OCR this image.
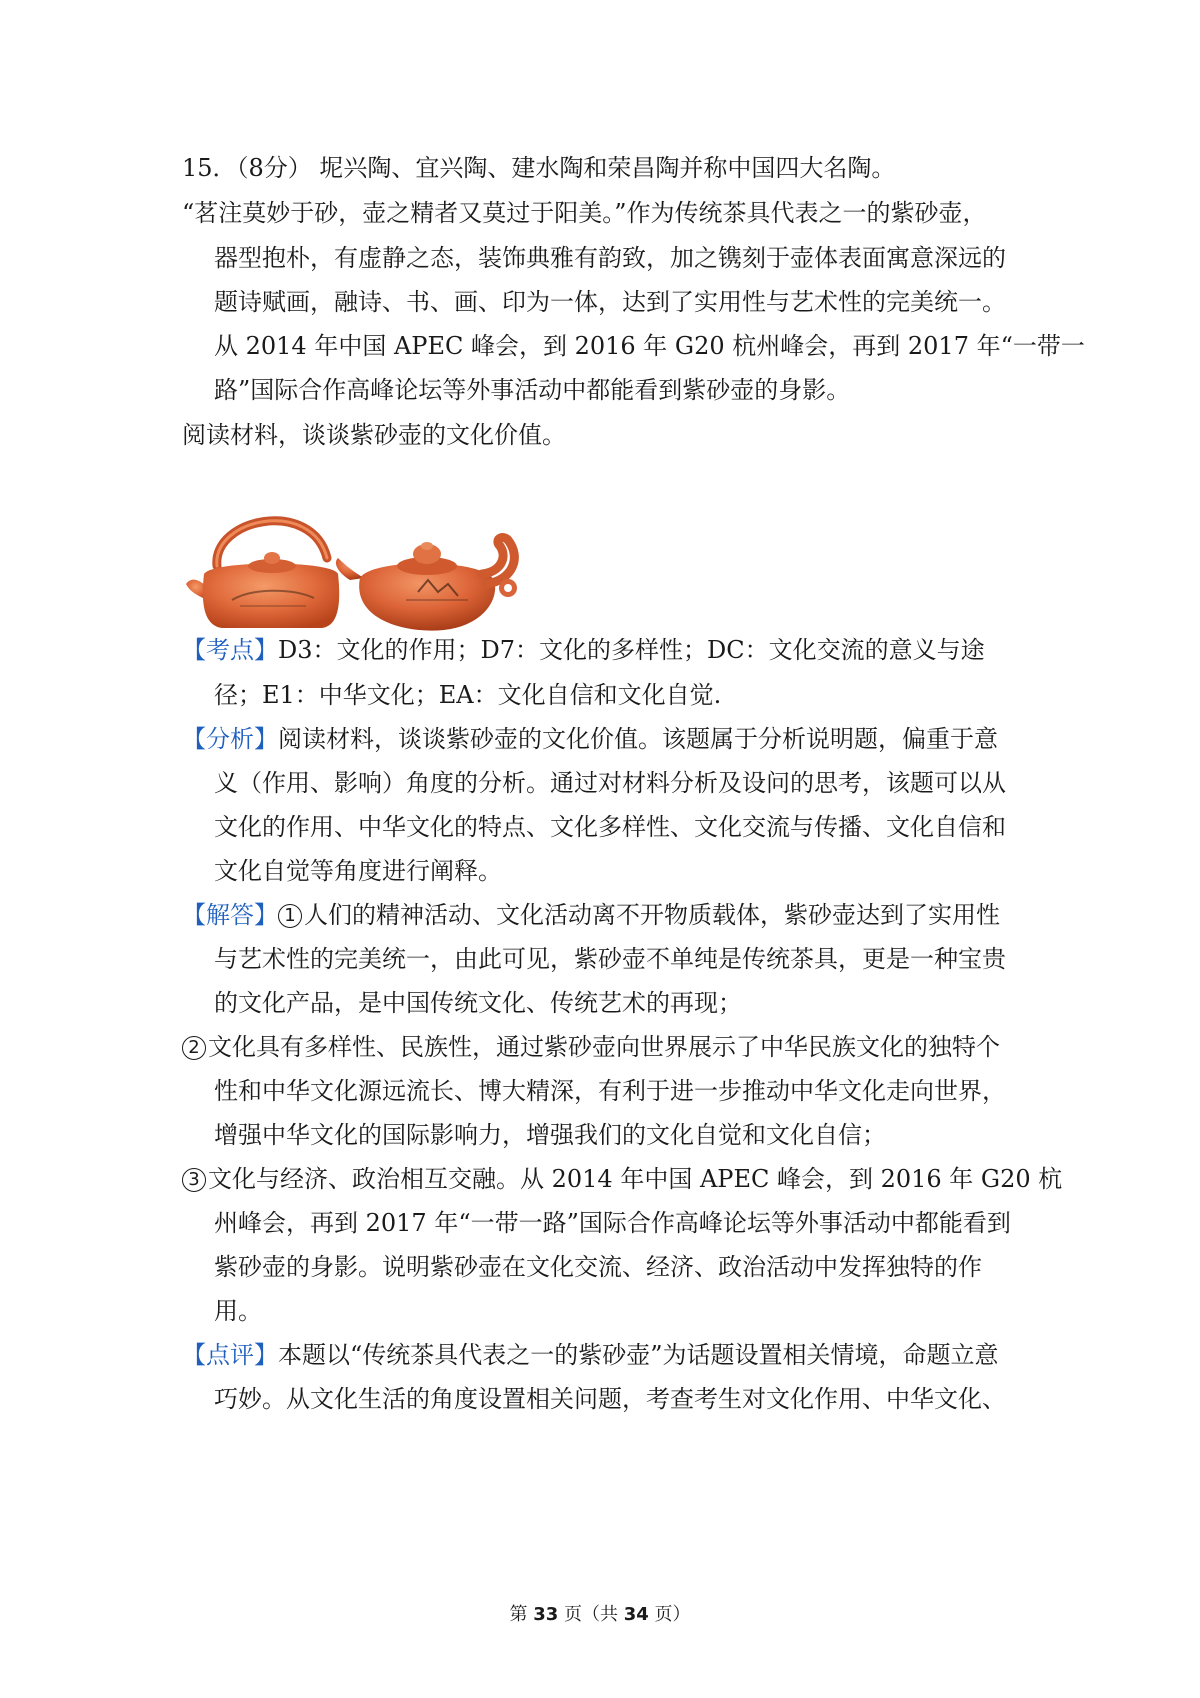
15．（8分） 坭兴陶、宜兴陶、建水陶和荣昌陶并称中国四大名陶。
“茗注莫妙于砂，壶之精者又莫过于阳美。”作为传统茶具代表之一的紫砂壶，
器型抱朴，有虚静之态，装饰典雅有韵致，加之镌刻于壶体表面寓意深远的
题诗赋画，融诗、书、画、印为一体，达到了实用性与艺术性的完美统一。
从 2014 年中国 APEC 峰会，到 2016 年 G20 杭州峰会，再到 2017 年“一带一
路”国际合作高峰论坛等外事活动中都能看到紫砂壶的身影。
阅读材料，谈谈紫砂壶的文化价值。
【考点】D3：文化的作用；D7：文化的多样性；DC：文化交流的意义与途
径；E1：中华文化；EA：文化自信和文化自觉.
【分析】阅读材料，谈谈紫砂壶的文化价值。该题属于分析说明题，偏重于意
义（作用、影响）角度的分析。通过对材料分析及设问的思考，该题可以从
文化的作用、中华文化的特点、文化多样性、文化交流与传播、文化自信和
文化自觉等角度进行阐释。
【解答】 1 人们的精神活动、文化活动离不开物质载体，紫砂壶达到了实用性
与艺术性的完美统一，由此可见，紫砂壶不单纯是传统茶具，更是一种宝贵
的文化产品，是中国传统文化、传统艺术的再现；
2 文化具有多样性、民族性，通过紫砂壶向世界展示了中华民族文化的独特个
性和中华文化源远流长、博大精深，有利于进一步推动中华文化走向世界，
增强中华文化的国际影响力，增强我们的文化自觉和文化自信；
3 文化与经济、政治相互交融。从 2014 年中国 APEC 峰会，到 2016 年 G20 杭
州峰会，再到 2017 年“一带一路”国际合作高峰论坛等外事活动中都能看到
紫砂壶的身影。说明紫砂壶在文化交流、经济、政治活动中发挥独特的作
用。
【点评】本题以“传统茶具代表之一的紫砂壶”为话题设置相关情境，命题立意
巧妙。从文化生活的角度设置相关问题，考查考生对文化作用、中华文化、
第 33 页（共 34 页）
